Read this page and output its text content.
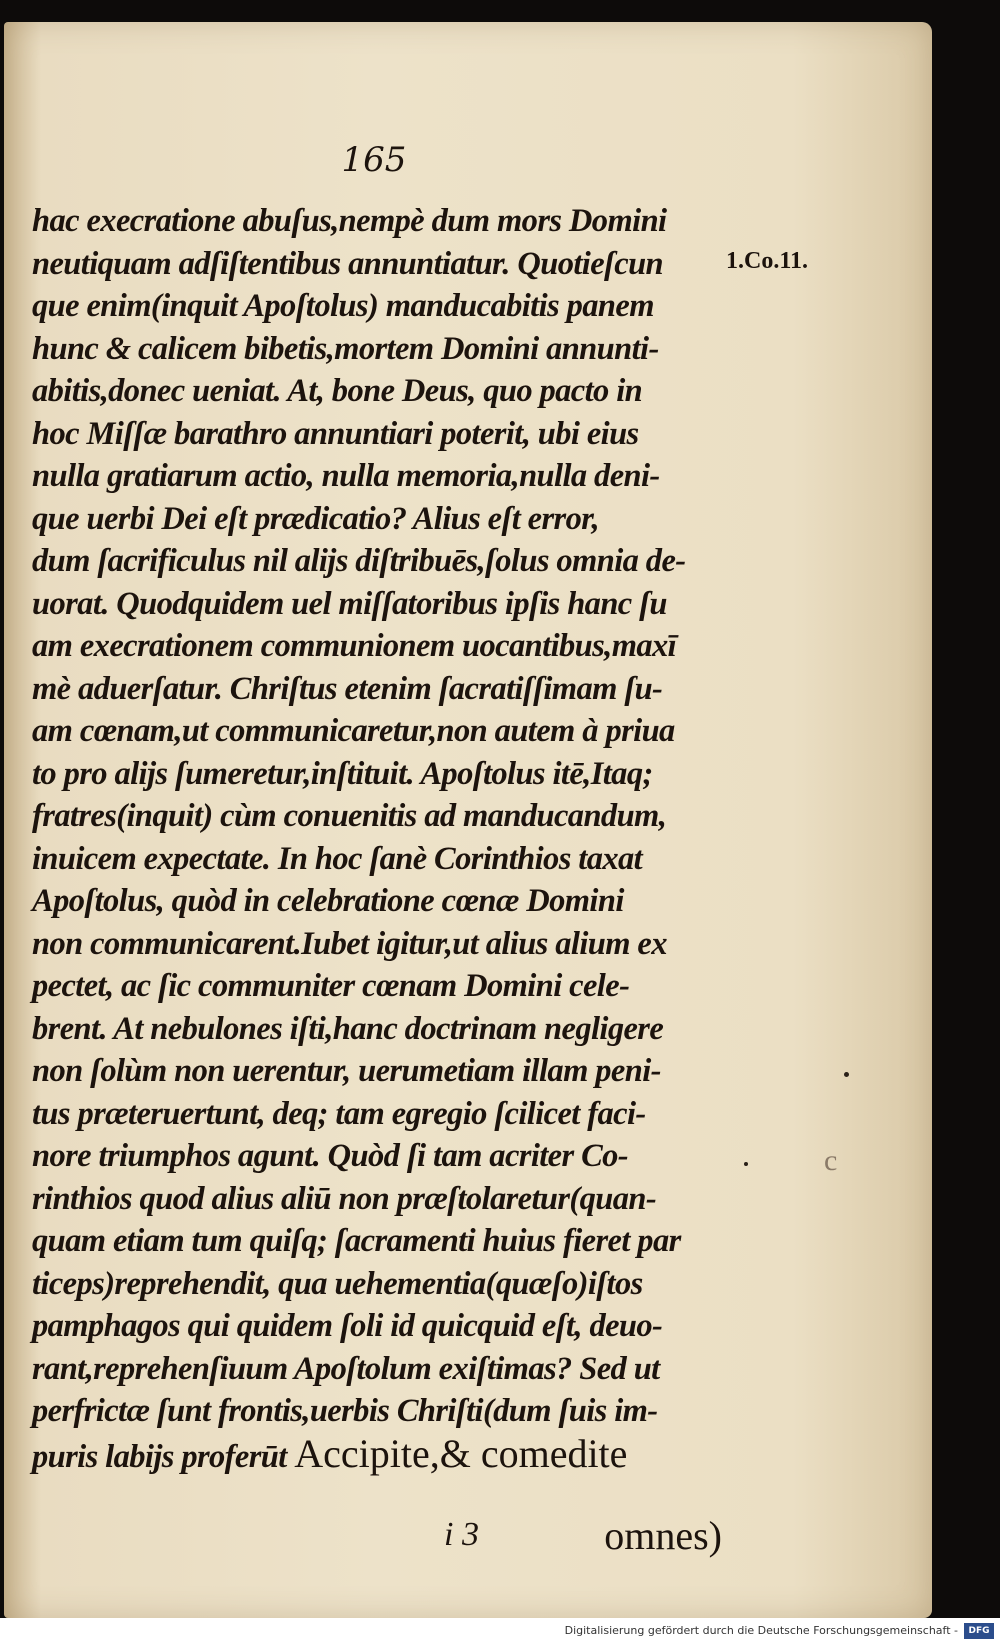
165
hac execratione abuſus,nempè dum mors Domini
neutiquam adſiſtentibus annuntiatur. Quotieſcun
que enim(inquit Apoſtolus) manducabitis panem
hunc & calicem bibetis,mortem Domini annunti-
abitis,donec ueniat. At, bone Deus, quo pacto in
hoc Miſſæ barathro annuntiari poterit, ubi eius
nulla gratiarum actio, nulla memoria,nulla deni-
que uerbi Dei eſt prædicatio? Alius eſt error,
dum ſacrificulus nil alijs diſtribuēs,ſolus omnia de-
uorat. Quodquidem uel miſſatoribus ipſis hanc ſu
am execrationem communionem uocantibus,maxī
mè aduerſatur. Chriſtus etenim ſacratiſſimam ſu-
am cœnam,ut communicaretur,non autem à priua
to pro alijs ſumeretur,inſtituit. Apoſtolus itē,Itaq;
fratres(inquit) cùm conuenitis ad manducandum,
inuicem expectate. In hoc ſanè Corinthios taxat
Apoſtolus, quòd in celebratione cœnæ Domini
non communicarent.Iubet igitur,ut alius alium ex
pectet, ac ſic communiter cœnam Domini cele-
brent. At nebulones iſti,hanc doctrinam negligere
non ſolùm non uerentur, uerumetiam illam peni-
tus præteruertunt, deq; tam egregio ſcilicet faci-
nore triumphos agunt. Quòd ſi tam acriter Co-
rinthios quod alius aliū non præſtolaretur(quan-
quam etiam tum quiſq; ſacramenti huius fieret par
ticeps)reprehendit, qua uehementia(quæſo)iſtos
pamphagos qui quidem ſoli id quicquid eſt, deuo-
rant,reprehenſiuum Apoſtolum exiſtimas? Sed ut
perfrictæ ſunt frontis,uerbis Chriſti(dum ſuis im-
puris labijs proferūt Accipite,& comedite
i 3	omnes)
1.Co.11.
c
Digitalisierung gefördert durch die Deutsche Forschungsgemeinschaft -	DFG
